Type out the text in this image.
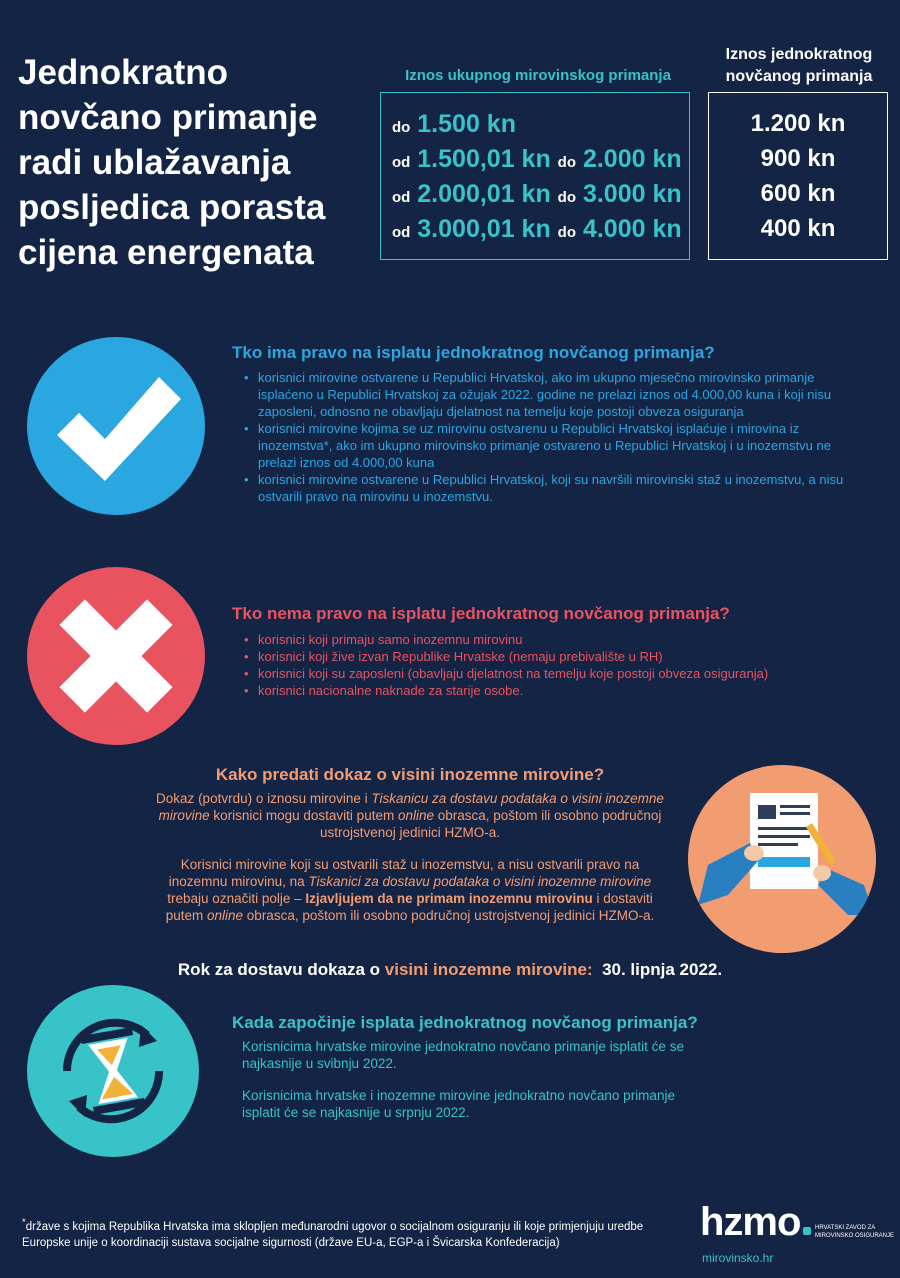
Jednokratno novčano primanje radi ublažavanja posljedica porasta cijena energenata
Iznos ukupnog mirovinskog primanja
Iznos jednokratnog novčanog primanja
do 1.500 kn
od 1.500,01 kn do 2.000 kn
od 2.000,01 kn do 3.000 kn
od 3.000,01 kn do 4.000 kn
1.200 kn
900 kn
600 kn
400 kn
Tko ima pravo na isplatu jednokratnog novčanog primanja?
• korisnici mirovine ostvarene u Republici Hrvatskoj, ako im ukupno mjesečno mirovinsko primanje isplaćeno u Republici Hrvatskoj za ožujak 2022. godine ne prelazi iznos od 4.000,00 kuna i koji nisu zaposleni, odnosno ne obavljaju djelatnost na temelju koje postoji obveza osiguranja
• korisnici mirovine kojima se uz mirovinu ostvarenu u Republici Hrvatskoj isplaćuje i mirovina iz inozemstva*, ako im ukupno mirovinsko primanje ostvareno u Republici Hrvatskoj i u inozemstvu ne prelazi iznos od 4.000,00 kuna
• korisnici mirovine ostvarene u Republici Hrvatskoj, koji su navršili mirovinski staž u inozemstvu, a nisu ostvarili pravo na mirovinu u inozemstvu.
Tko nema pravo na isplatu jednokratnog novčanog primanja?
• korisnici koji primaju samo inozemnu mirovinu
• korisnici koji žive izvan Republike Hrvatske (nemaju prebivalište u RH)
• korisnici koji su zaposleni (obavljaju djelatnost na temelju koje postoji obveza osiguranja)
• korisnici nacionalne naknade za starije osobe.
Kako predati dokaz o visini inozemne mirovine?

Dokaz (potvrdu) o iznosu mirovine i Tiskanicu za dostavu podataka o visini inozemne mirovine korisnici mogu dostaviti putem online obrasca, poštom ili osobno područnoj ustrojstvenoj jedinici HZMO-a.

Korisnici mirovine koji su ostvarili staž u inozemstvu, a nisu ostvarili pravo na inozemnu mirovinu, na Tiskanici za dostavu podataka o visini inozemne mirovine trebaju označiti polje – Izjavljujem da ne primam inozemnu mirovinu i dostaviti putem online obrasca, poštom ili osobno područnoj ustrojstvenoj jedinici HZMO-a.

Rok za dostavu dokaza o visini inozemne mirovine: 30. lipnja 2022.
Kada započinje isplata jednokratnog novčanog primanja?

Korisnicima hrvatske mirovine jednokratno novčano primanje isplatit će se najkasnije u svibnju 2022.

Korisnicima hrvatske i inozemne mirovine jednokratno novčano primanje isplatit će se najkasnije u srpnju 2022.

*države s kojima Republika Hrvatska ima sklopljen međunarodni ugovor o socijalnom osiguranju ili koje primjenjuju uredbe Europske unije o koordinaciji sustava socijalne sigurnosti (države EU-a, EGP-a i Švicarska Konfederacija)	hzmo HRVATSKI ZAVOD ZA MIROVINSKO OSIGURANJE
mirovinsko.hr
